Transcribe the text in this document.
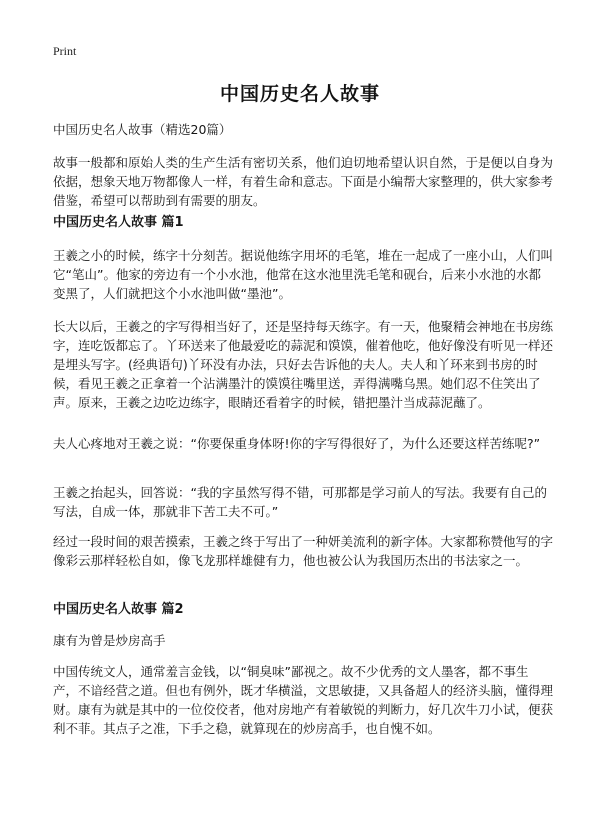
Print
中国历史名人故事

中国历史名人故事（精选20篇）

故事一般都和原始人类的生产生活有密切关系，他们迫切地希望认识自然，于是便以自身为依据，想象天地万物都像人一样，有着生命和意志。下面是小编帮大家整理的，供大家参考借鉴，希望可以帮助到有需要的朋友。

中国历史名人故事 篇1

王羲之小的时候，练字十分刻苦。据说他练字用坏的毛笔，堆在一起成了一座小山，人们叫它“笔山”。他家的旁边有一个小水池，他常在这水池里洗毛笔和砚台，后来小水池的水都变黑了，人们就把这个小水池叫做“墨池”。

长大以后，王羲之的字写得相当好了，还是坚持每天练字。有一天，他聚精会神地在书房练字，连吃饭都忘了。丫环送来了他最爱吃的蒜泥和馍馍，催着他吃，他好像没有听见一样还是埋头写字。(经典语句)丫环没有办法，只好去告诉他的夫人。夫人和丫环来到书房的时候，看见王羲之正拿着一个沾满墨汁的馍馍往嘴里送，弄得满嘴乌黑。她们忍不住笑出了声。原来，王羲之边吃边练字，眼睛还看着字的时候，错把墨汁当成蒜泥蘸了。

夫人心疼地对王羲之说：“你要保重身体呀!你的字写得很好了，为什么还要这样苦练呢?”

王羲之抬起头，回答说：“我的字虽然写得不错，可那都是学习前人的写法。我要有自己的写法，自成一体，那就非下苦工夫不可。”

经过一段时间的艰苦摸索，王羲之终于写出了一种妍美流利的新字体。大家都称赞他写的字像彩云那样轻松自如，像飞龙那样雄健有力，他也被公认为我国历杰出的书法家之一。

中国历史名人故事 篇2

康有为曾是炒房高手

中国传统文人，通常羞言金钱，以“铜臭味”鄙视之。故不少优秀的文人墨客，都不事生产，不谙经营之道。但也有例外，既才华横溢，文思敏捷，又具备超人的经济头脑，懂得理财。康有为就是其中的一位佼佼者，他对房地产有着敏锐的判断力，好几次牛刀小试，便获利不菲。其点子之准，下手之稳，就算现在的炒房高手，也自愧不如。
